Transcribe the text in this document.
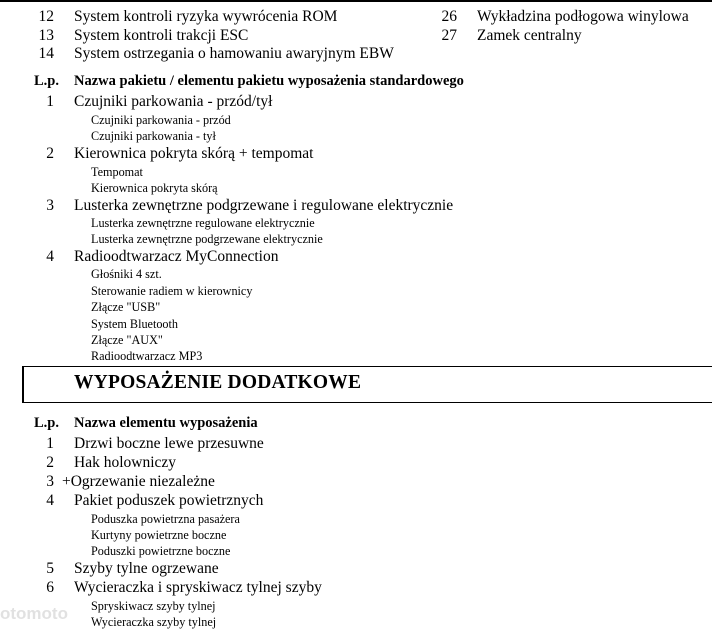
12 System kontroli ryzyka wywrócenia ROM
13 System kontroli trakcji ESC
14 System ostrzegania o hamowaniu awaryjnym EBW
26 Wykładzina podłogowa winylowa
27 Zamek centralny
L.p. Nazwa pakietu / elementu pakietu wyposażenia standardowego
1 Czujniki parkowania - przód/tył
Czujniki parkowania - przód
Czujniki parkowania - tył
2 Kierownica pokryta skórą + tempomat
Tempomat
Kierownica pokryta skórą
3 Lusterka zewnętrzne podgrzewane i regulowane elektrycznie
Lusterka zewnętrzne regulowane elektrycznie
Lusterka zewnętrzne podgrzewane elektrycznie
4 Radioodtwarzacz MyConnection
Głośniki 4 szt.
Sterowanie radiem w kierownicy
Złącze "USB"
System Bluetooth
Złącze "AUX"
Radioodtwarzacz MP3
WYPOSAŻENIE DODATKOWE
L.p. Nazwa elementu wyposażenia
1 Drzwi boczne lewe przesuwne
2 Hak holowniczy
3 +Ogrzewanie niezależne
4 Pakiet poduszek powietrznych
Poduszka powietrzna pasażera
Kurtyny powietrzne boczne
Poduszki powietrzne boczne
5 Szyby tylne ogrzewane
6 Wycieraczka i spryskiwacz tylnej szyby
Spryskiwacz szyby tylnej
Wycieraczka szyby tylnej
otomoto
